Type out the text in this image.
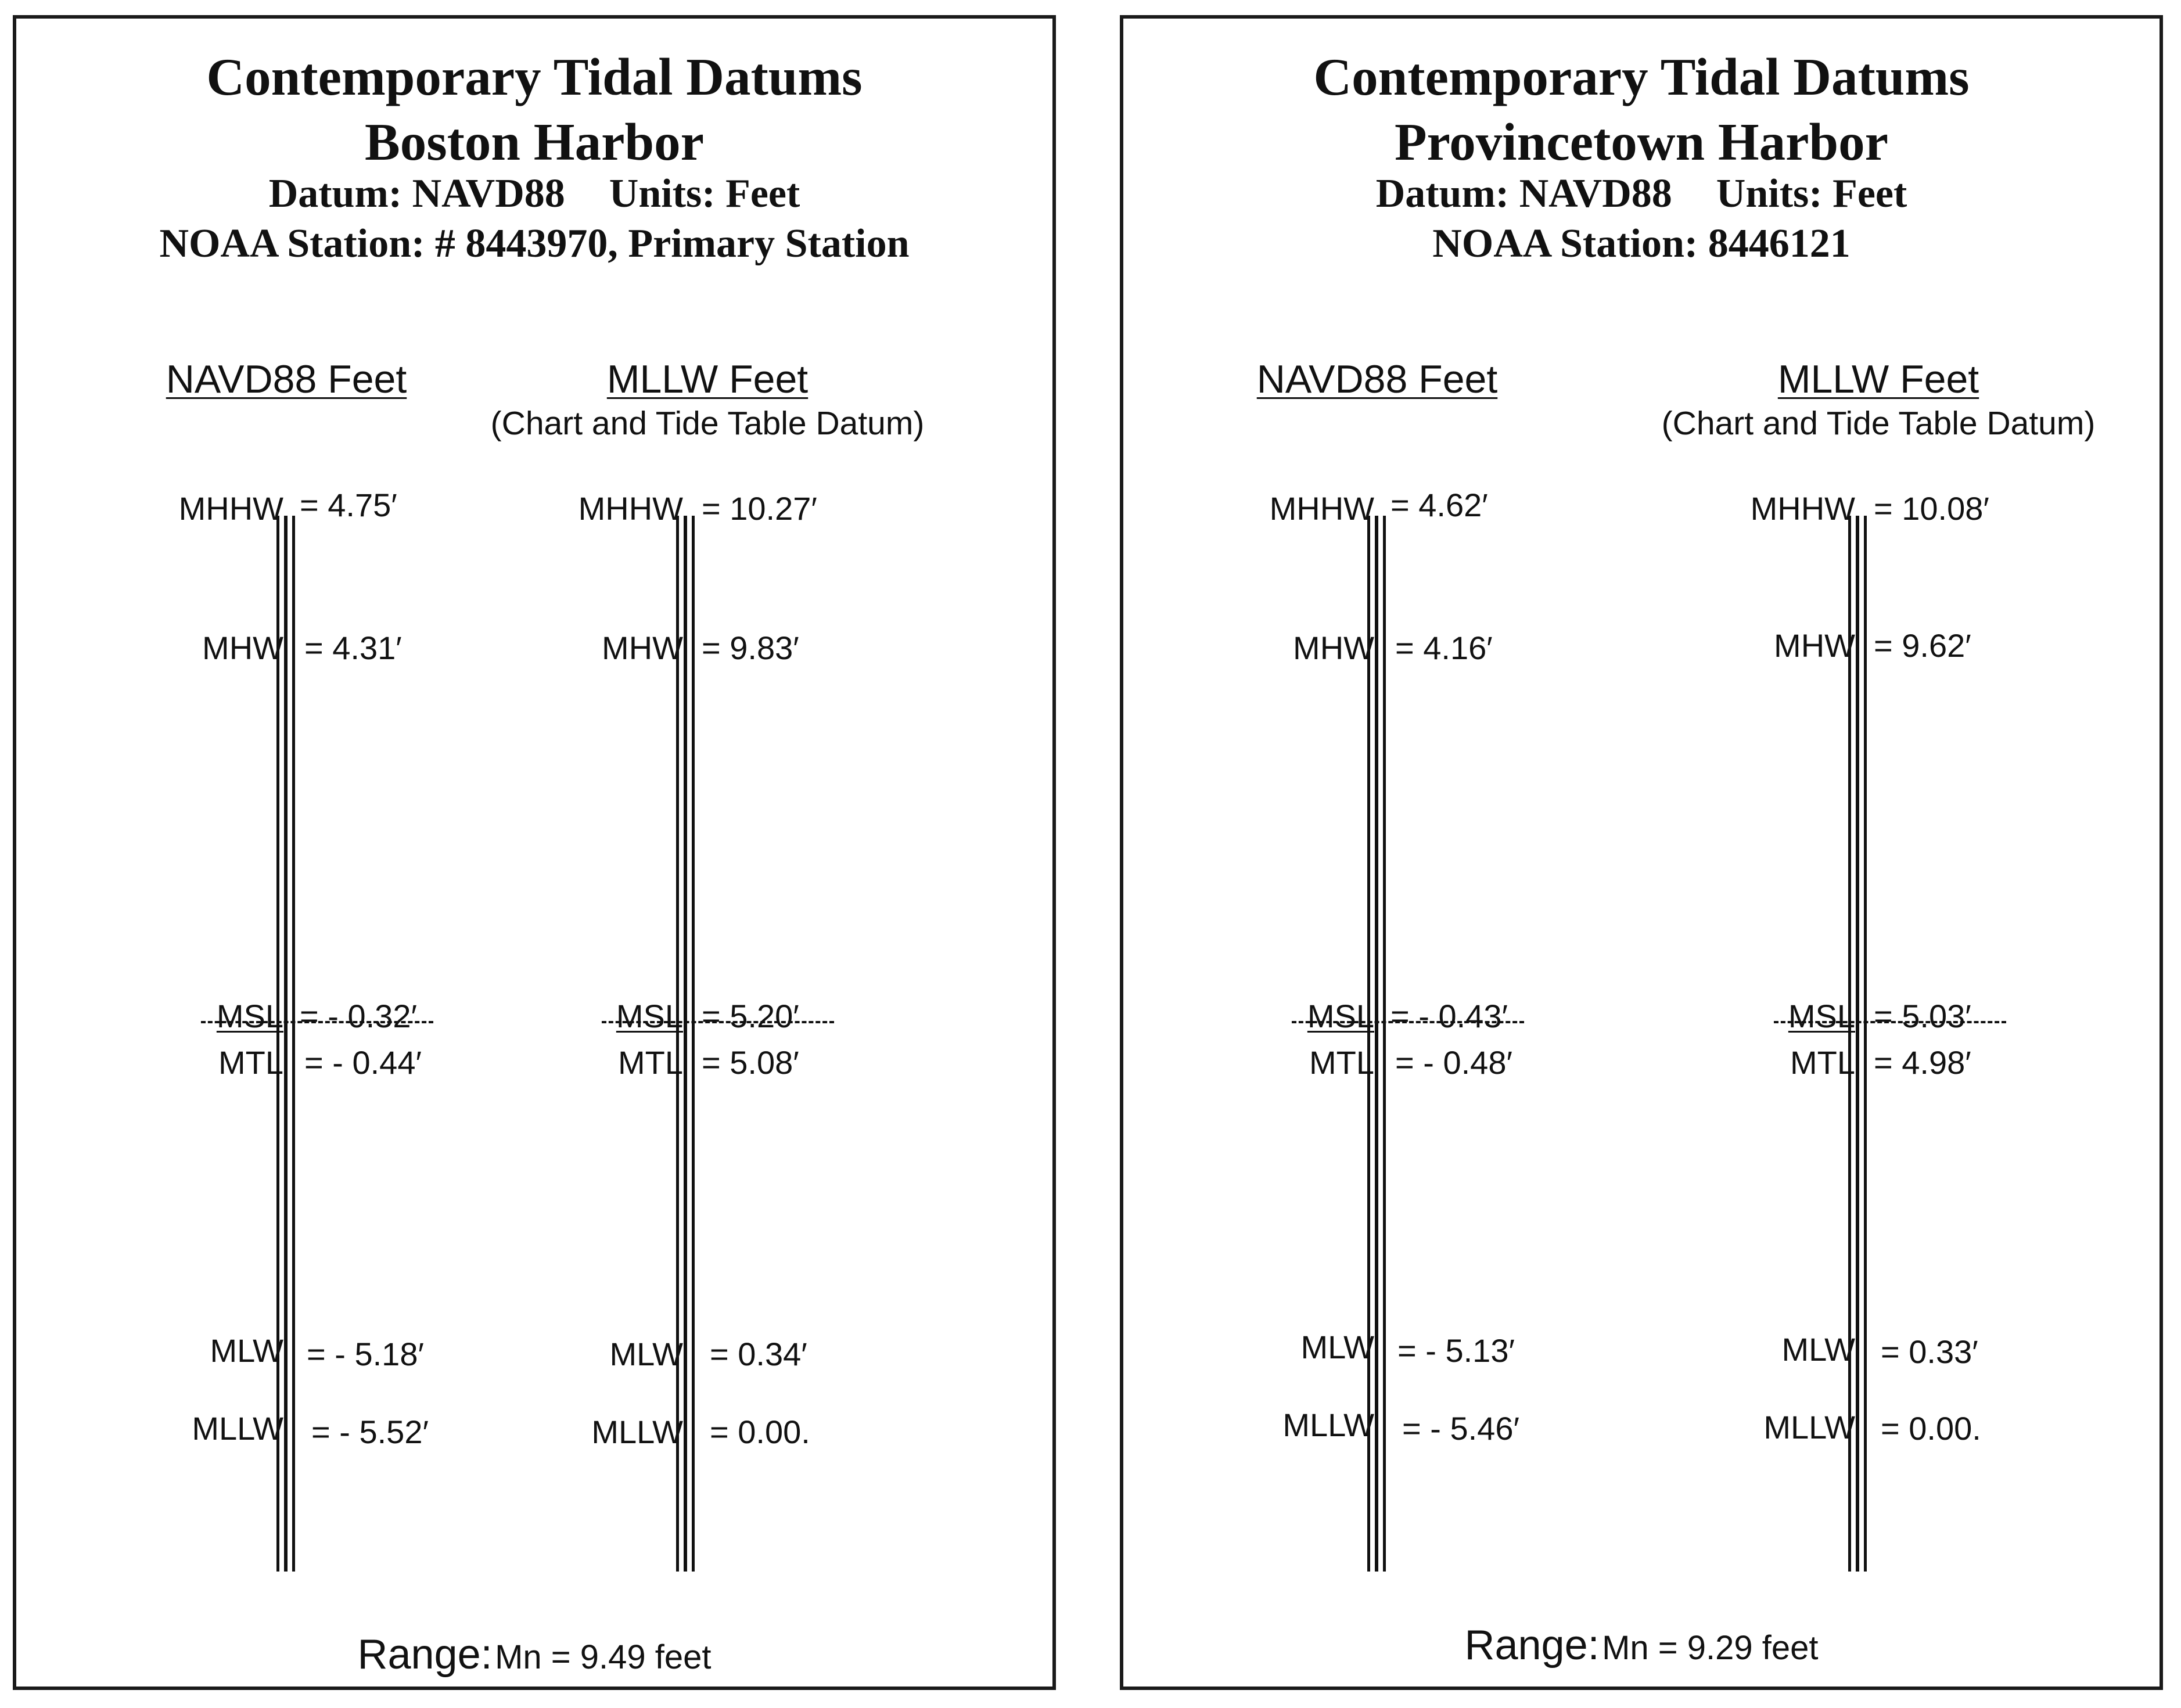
Contemporary Tidal Datums
Boston Harbor
Datum: NAVD88 Units: Feet
NOAA Station: # 8443970, Primary Station
NAVD88 Feet	MLLW Feet
(Chart and Tide Table Datum)
MHHW = 4.75′
MHW = 4.31′
MSL = - 0.32′
MTL = - 0.44′
MLW = - 5.18′
MLLW = - 5.52′
MHHW = 10.27′
MHW = 9.83′
MSL = 5.20′
MTL = 5.08′
MLW = 0.34′
MLLW = 0.00.
Range: Mn = 9.49 feet
Contemporary Tidal Datums
Provincetown Harbor
Datum: NAVD88 Units: Feet
NOAA Station: 8446121
NAVD88 Feet	MLLW Feet
(Chart and Tide Table Datum)
MHHW = 4.62′
MHW = 4.16′
MSL = - 0.43′
MTL = - 0.48′
MLW = - 5.13′
MLLW = - 5.46′
MHHW = 10.08′
MHW = 9.62′
MSL = 5.03′
MTL = 4.98′
MLW = 0.33′
MLLW = 0.00.
Range: Mn = 9.29 feet
